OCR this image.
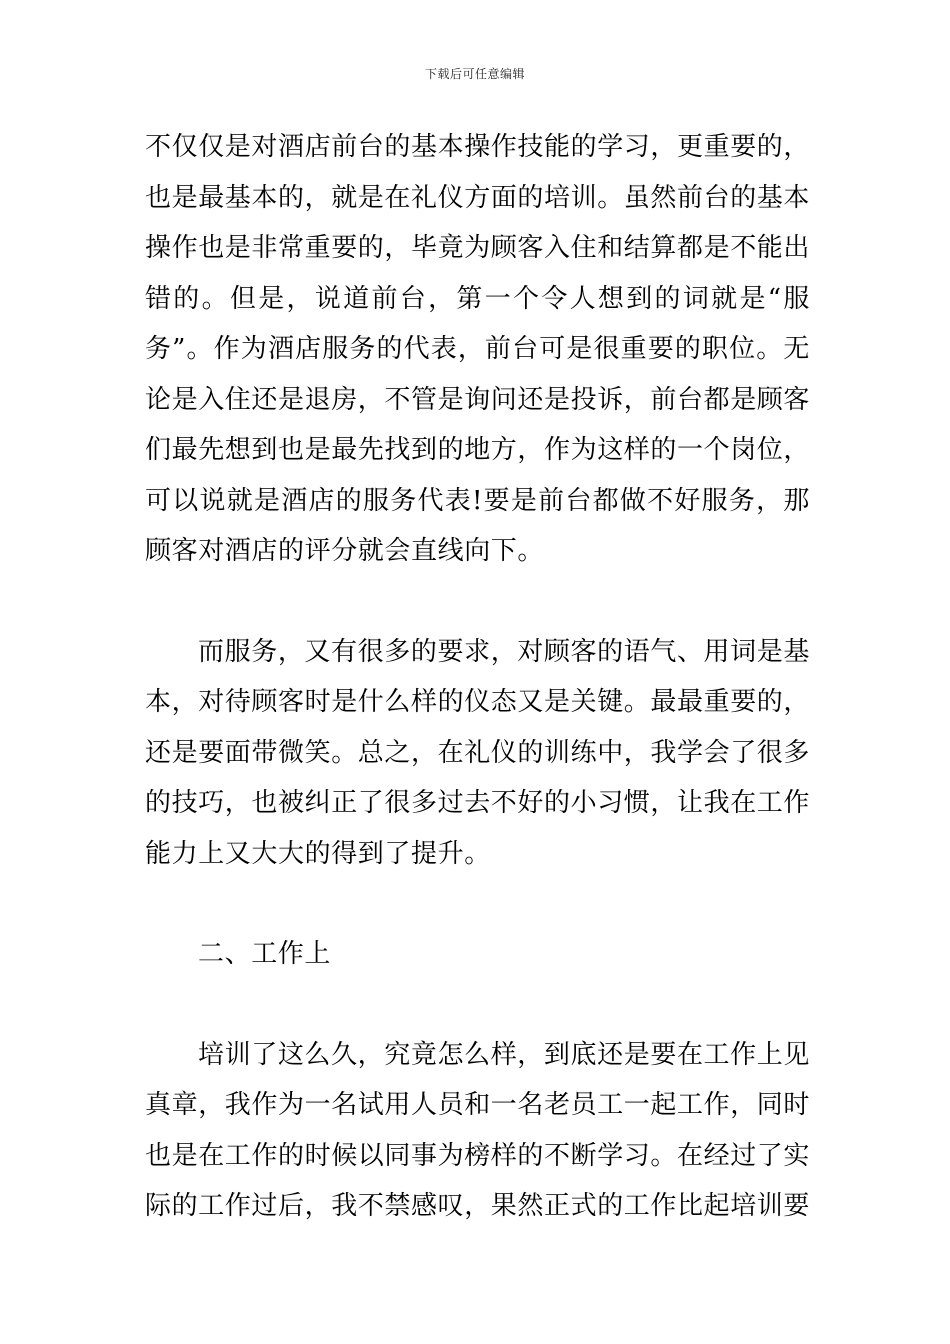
下载后可任意编辑

不仅仅是对酒店前台的基本操作技能的学习，更重要的，也是最基本的，就是在礼仪方面的培训。虽然前台的基本操作也是非常重要的，毕竟为顾客入住和结算都是不能出错的。但是，说道前台，第一个令人想到的词就是“服务”。作为酒店服务的代表，前台可是很重要的职位。无论是入住还是退房，不管是询问还是投诉，前台都是顾客们最先想到也是最先找到的地方，作为这样的一个岗位，可以说就是酒店的服务代表!要是前台都做不好服务，那顾客对酒店的评分就会直线向下。

而服务，又有很多的要求，对顾客的语气、用词是基本，对待顾客时是什么样的仪态又是关键。最最重要的，还是要面带微笑。总之，在礼仪的训练中，我学会了很多的技巧，也被纠正了很多过去不好的小习惯，让我在工作能力上又大大的得到了提升。

二、工作上

培训了这么久，究竟怎么样，到底还是要在工作上见真章，我作为一名试用人员和一名老员工一起工作，同时也是在工作的时候以同事为榜样的不断学习。在经过了实际的工作过后，我不禁感叹，果然正式的工作比起培训要
